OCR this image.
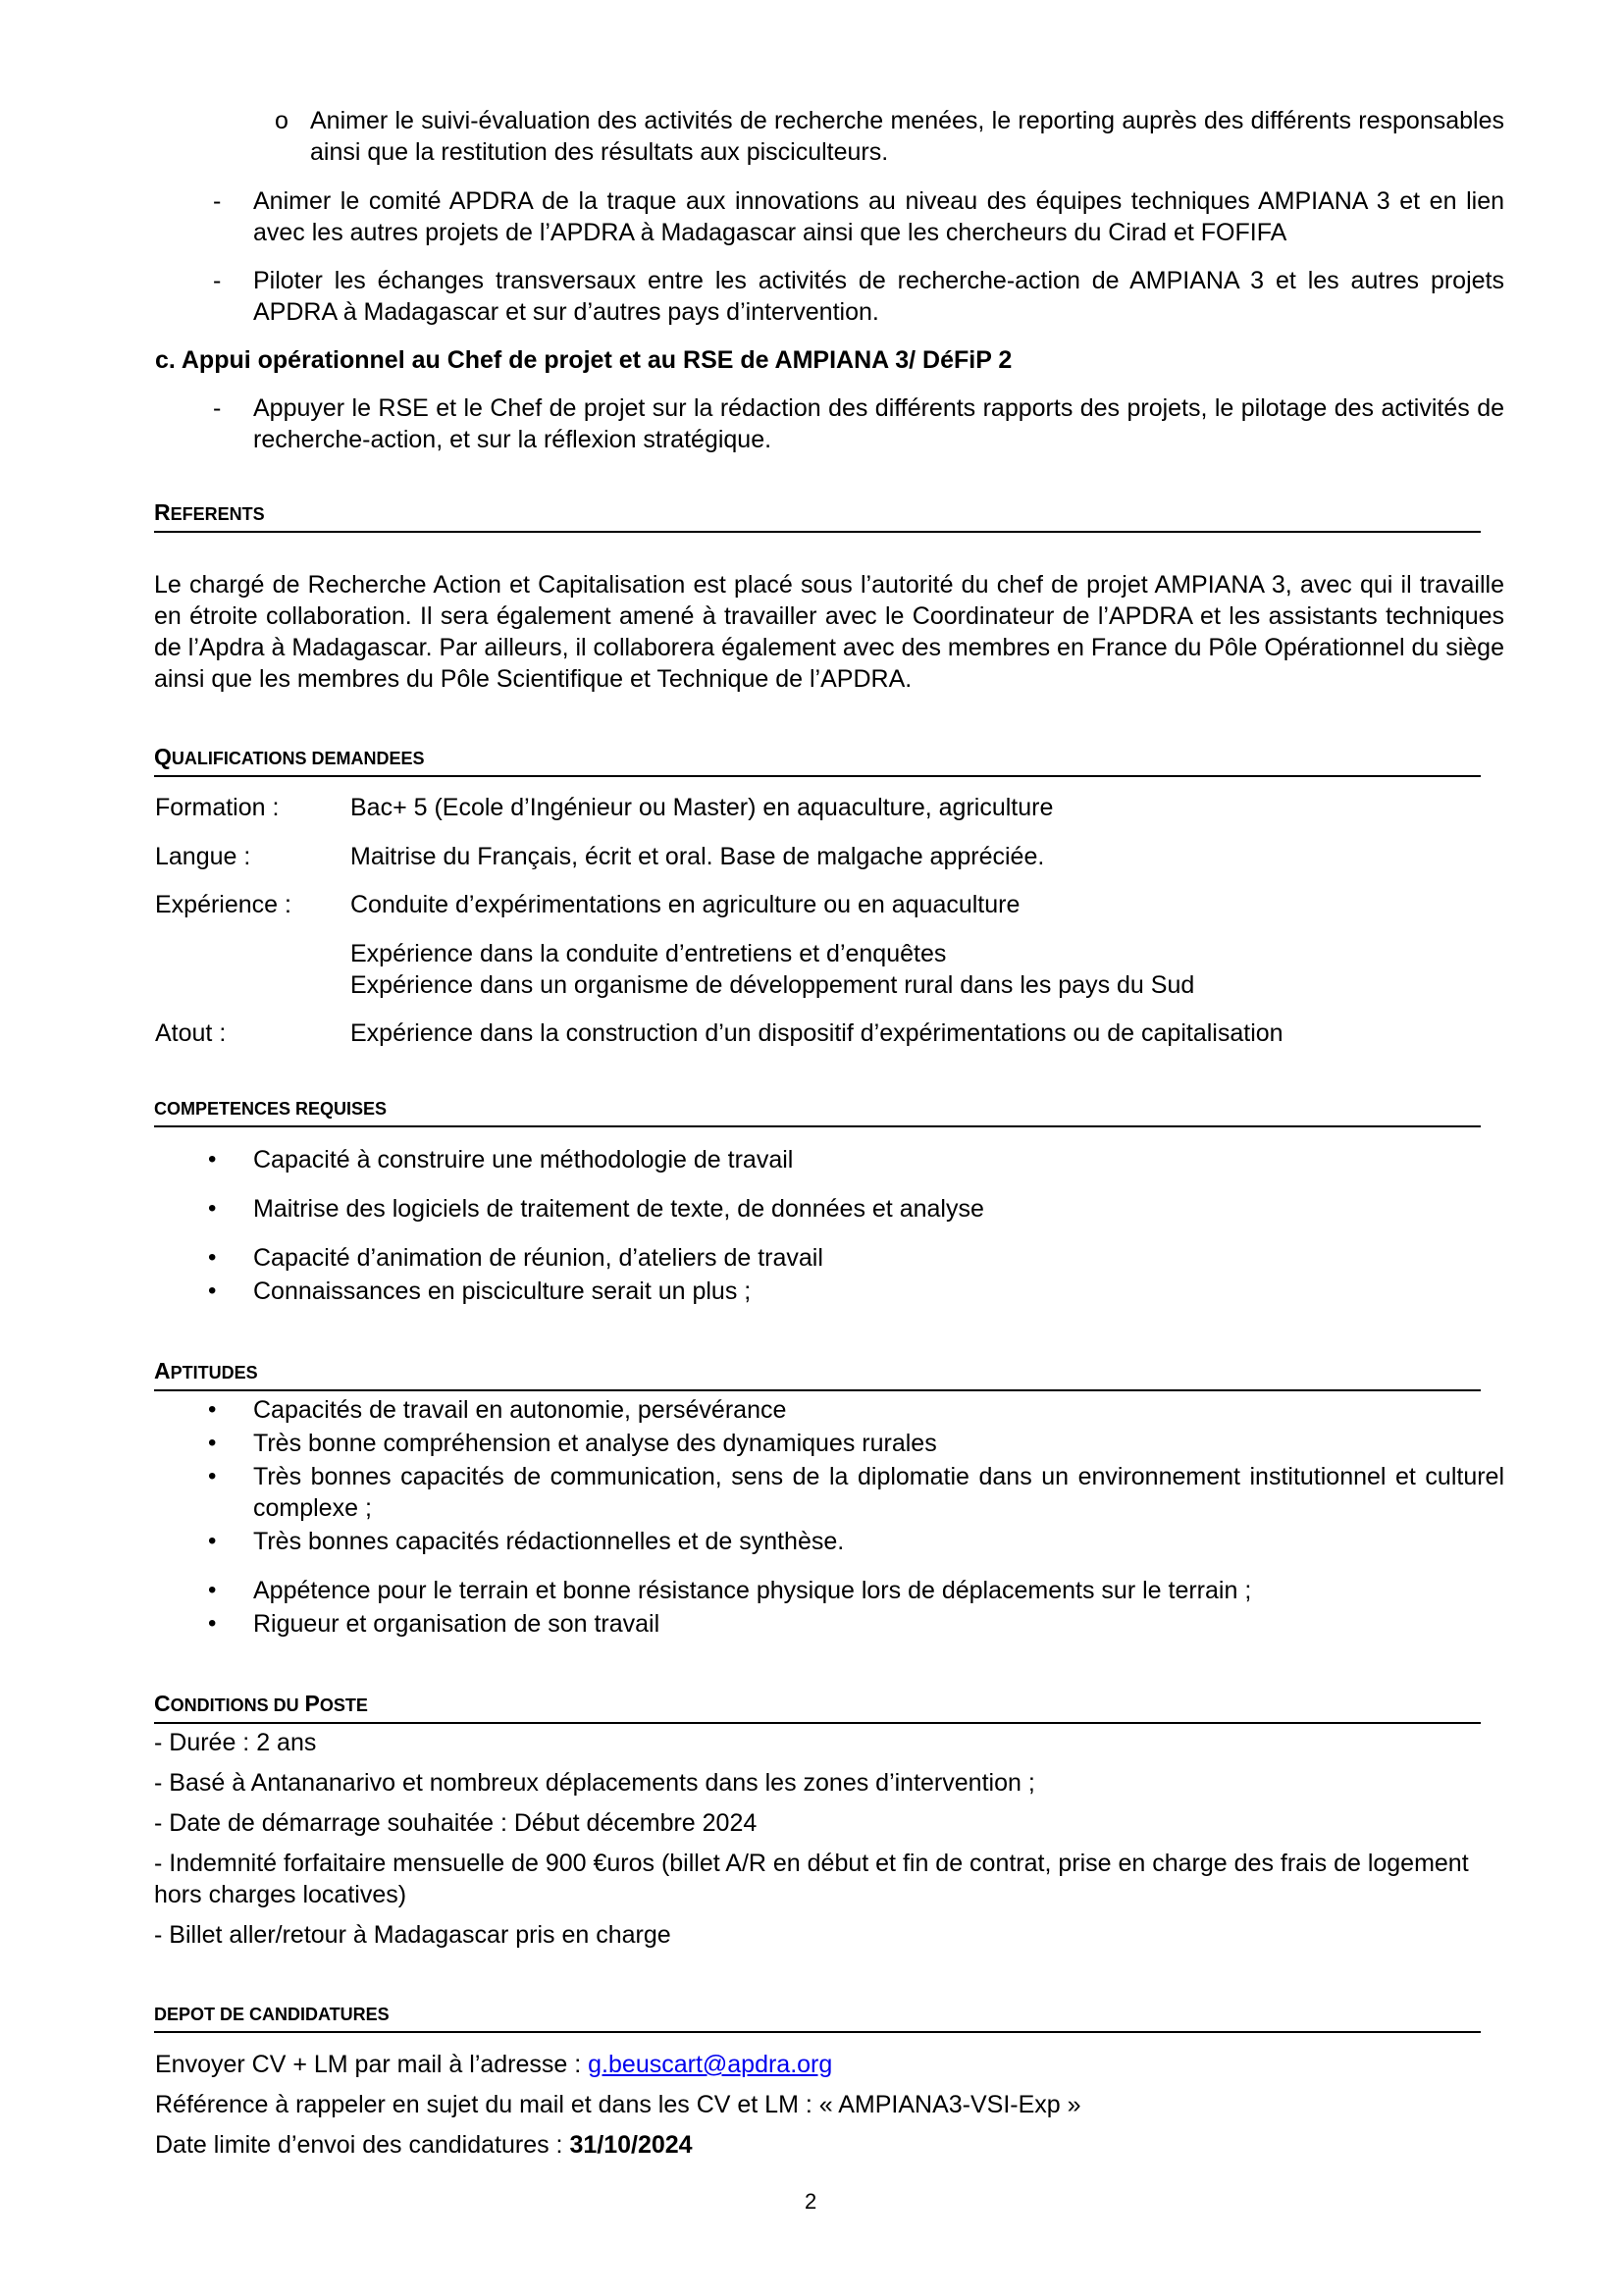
o Animer le suivi-évaluation des activités de recherche menées, le reporting auprès des différents responsables ainsi que la restitution des résultats aux pisciculteurs.
-	Animer le comité APDRA de la traque aux innovations au niveau des équipes techniques AMPIANA 3 et en lien avec les autres projets de l’APDRA à Madagascar ainsi que les chercheurs du Cirad et FOFIFA
-	Piloter les échanges transversaux entre les activités de recherche-action de AMPIANA 3 et les autres projets APDRA à Madagascar et sur d’autres pays d’intervention.
c. Appui opérationnel au Chef de projet et au RSE de AMPIANA 3/ DéFiP 2
-	Appuyer le RSE et le Chef de projet sur la rédaction des différents rapports des projets, le pilotage des activités de recherche-action, et sur la réflexion stratégique.
REFERENTS
Le chargé de Recherche Action et Capitalisation est placé sous l’autorité du chef de projet AMPIANA 3, avec qui il travaille en étroite collaboration. Il sera également amené à travailler avec le Coordinateur de l’APDRA et les assistants techniques de l’Apdra à Madagascar. Par ailleurs, il collaborera également avec des membres en France du Pôle Opérationnel du siège ainsi que les membres du Pôle Scientifique et Technique de l’APDRA.
QUALIFICATIONS DEMANDEES
Formation :	Bac+ 5 (Ecole d’Ingénieur ou Master) en aquaculture, agriculture
Langue :	Maitrise du Français, écrit et oral. Base de malgache appréciée.
Expérience : Conduite d’expérimentations en agriculture ou en aquaculture
Expérience dans la conduite d’entretiens et d’enquêtes
Expérience dans un organisme de développement rural dans les pays du Sud
Atout :	Expérience dans la construction d’un dispositif d’expérimentations ou de capitalisation
COMPETENCES REQUISES
•	Capacité à construire une méthodologie de travail
•	Maitrise des logiciels de traitement de texte, de données et analyse
•	Capacité d’animation de réunion, d’ateliers de travail
•	Connaissances en pisciculture serait un plus ;
APTITUDES
•	Capacités de travail en autonomie, persévérance
•	Très bonne compréhension et analyse des dynamiques rurales
•	Très bonnes capacités de communication, sens de la diplomatie dans un environnement institutionnel et culturel complexe ;
•	Très bonnes capacités rédactionnelles et de synthèse.
•	Appétence pour le terrain et bonne résistance physique lors de déplacements sur le terrain ;
•	Rigueur et organisation de son travail
CONDITIONS DU POSTE
- Durée : 2 ans
- Basé à Antananarivo et nombreux déplacements dans les zones d’intervention ;
- Date de démarrage souhaitée : Début décembre 2024
- Indemnité forfaitaire mensuelle de 900 €uros (billet A/R en début et fin de contrat, prise en charge des frais de logement hors charges locatives)
- Billet aller/retour à Madagascar pris en charge
DEPOT DE CANDIDATURES
Envoyer CV + LM par mail à l’adresse : g.beuscart@apdra.org
Référence à rappeler en sujet du mail et dans les CV et LM : « AMPIANA3-VSI-Exp »
Date limite d’envoi des candidatures : 31/10/2024
2
